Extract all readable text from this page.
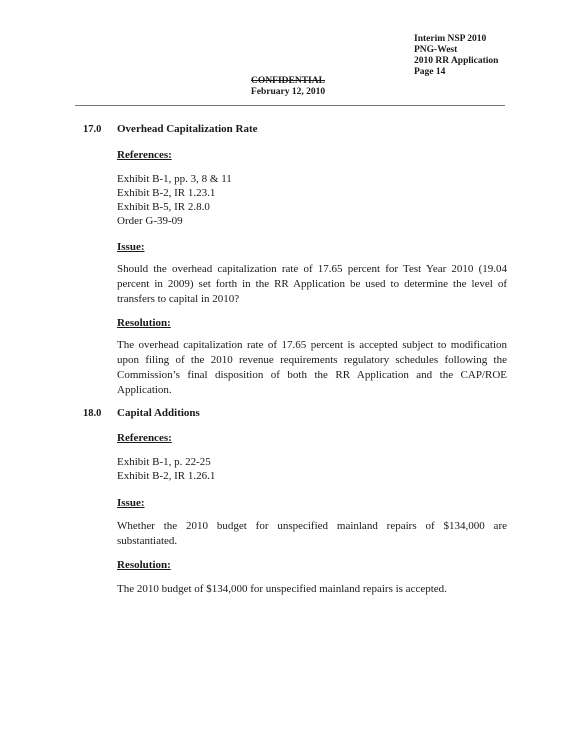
Interim NSP 2010
PNG-West
2010 RR Application
Page 14
CONFIDENTIAL
February 12, 2010
17.0 Overhead Capitalization Rate
References:
Exhibit B-1, pp. 3, 8 & 11
Exhibit B-2, IR 1.23.1
Exhibit B-5, IR 2.8.0
Order G-39-09
Issue:
Should the overhead capitalization rate of 17.65 percent for Test Year 2010 (19.04 percent in 2009) set forth in the RR Application be used to determine the level of transfers to capital in 2010?
Resolution:
The overhead capitalization rate of 17.65 percent is accepted subject to modification upon filing of the 2010 revenue requirements regulatory schedules following the Commission’s final disposition of both the RR Application and the CAP/ROE Application.
18.0 Capital Additions
References:
Exhibit B-1, p. 22-25
Exhibit B-2, IR 1.26.1
Issue:
Whether the 2010 budget for unspecified mainland repairs of $134,000 are substantiated.
Resolution:
The 2010 budget of $134,000 for unspecified mainland repairs is accepted.
